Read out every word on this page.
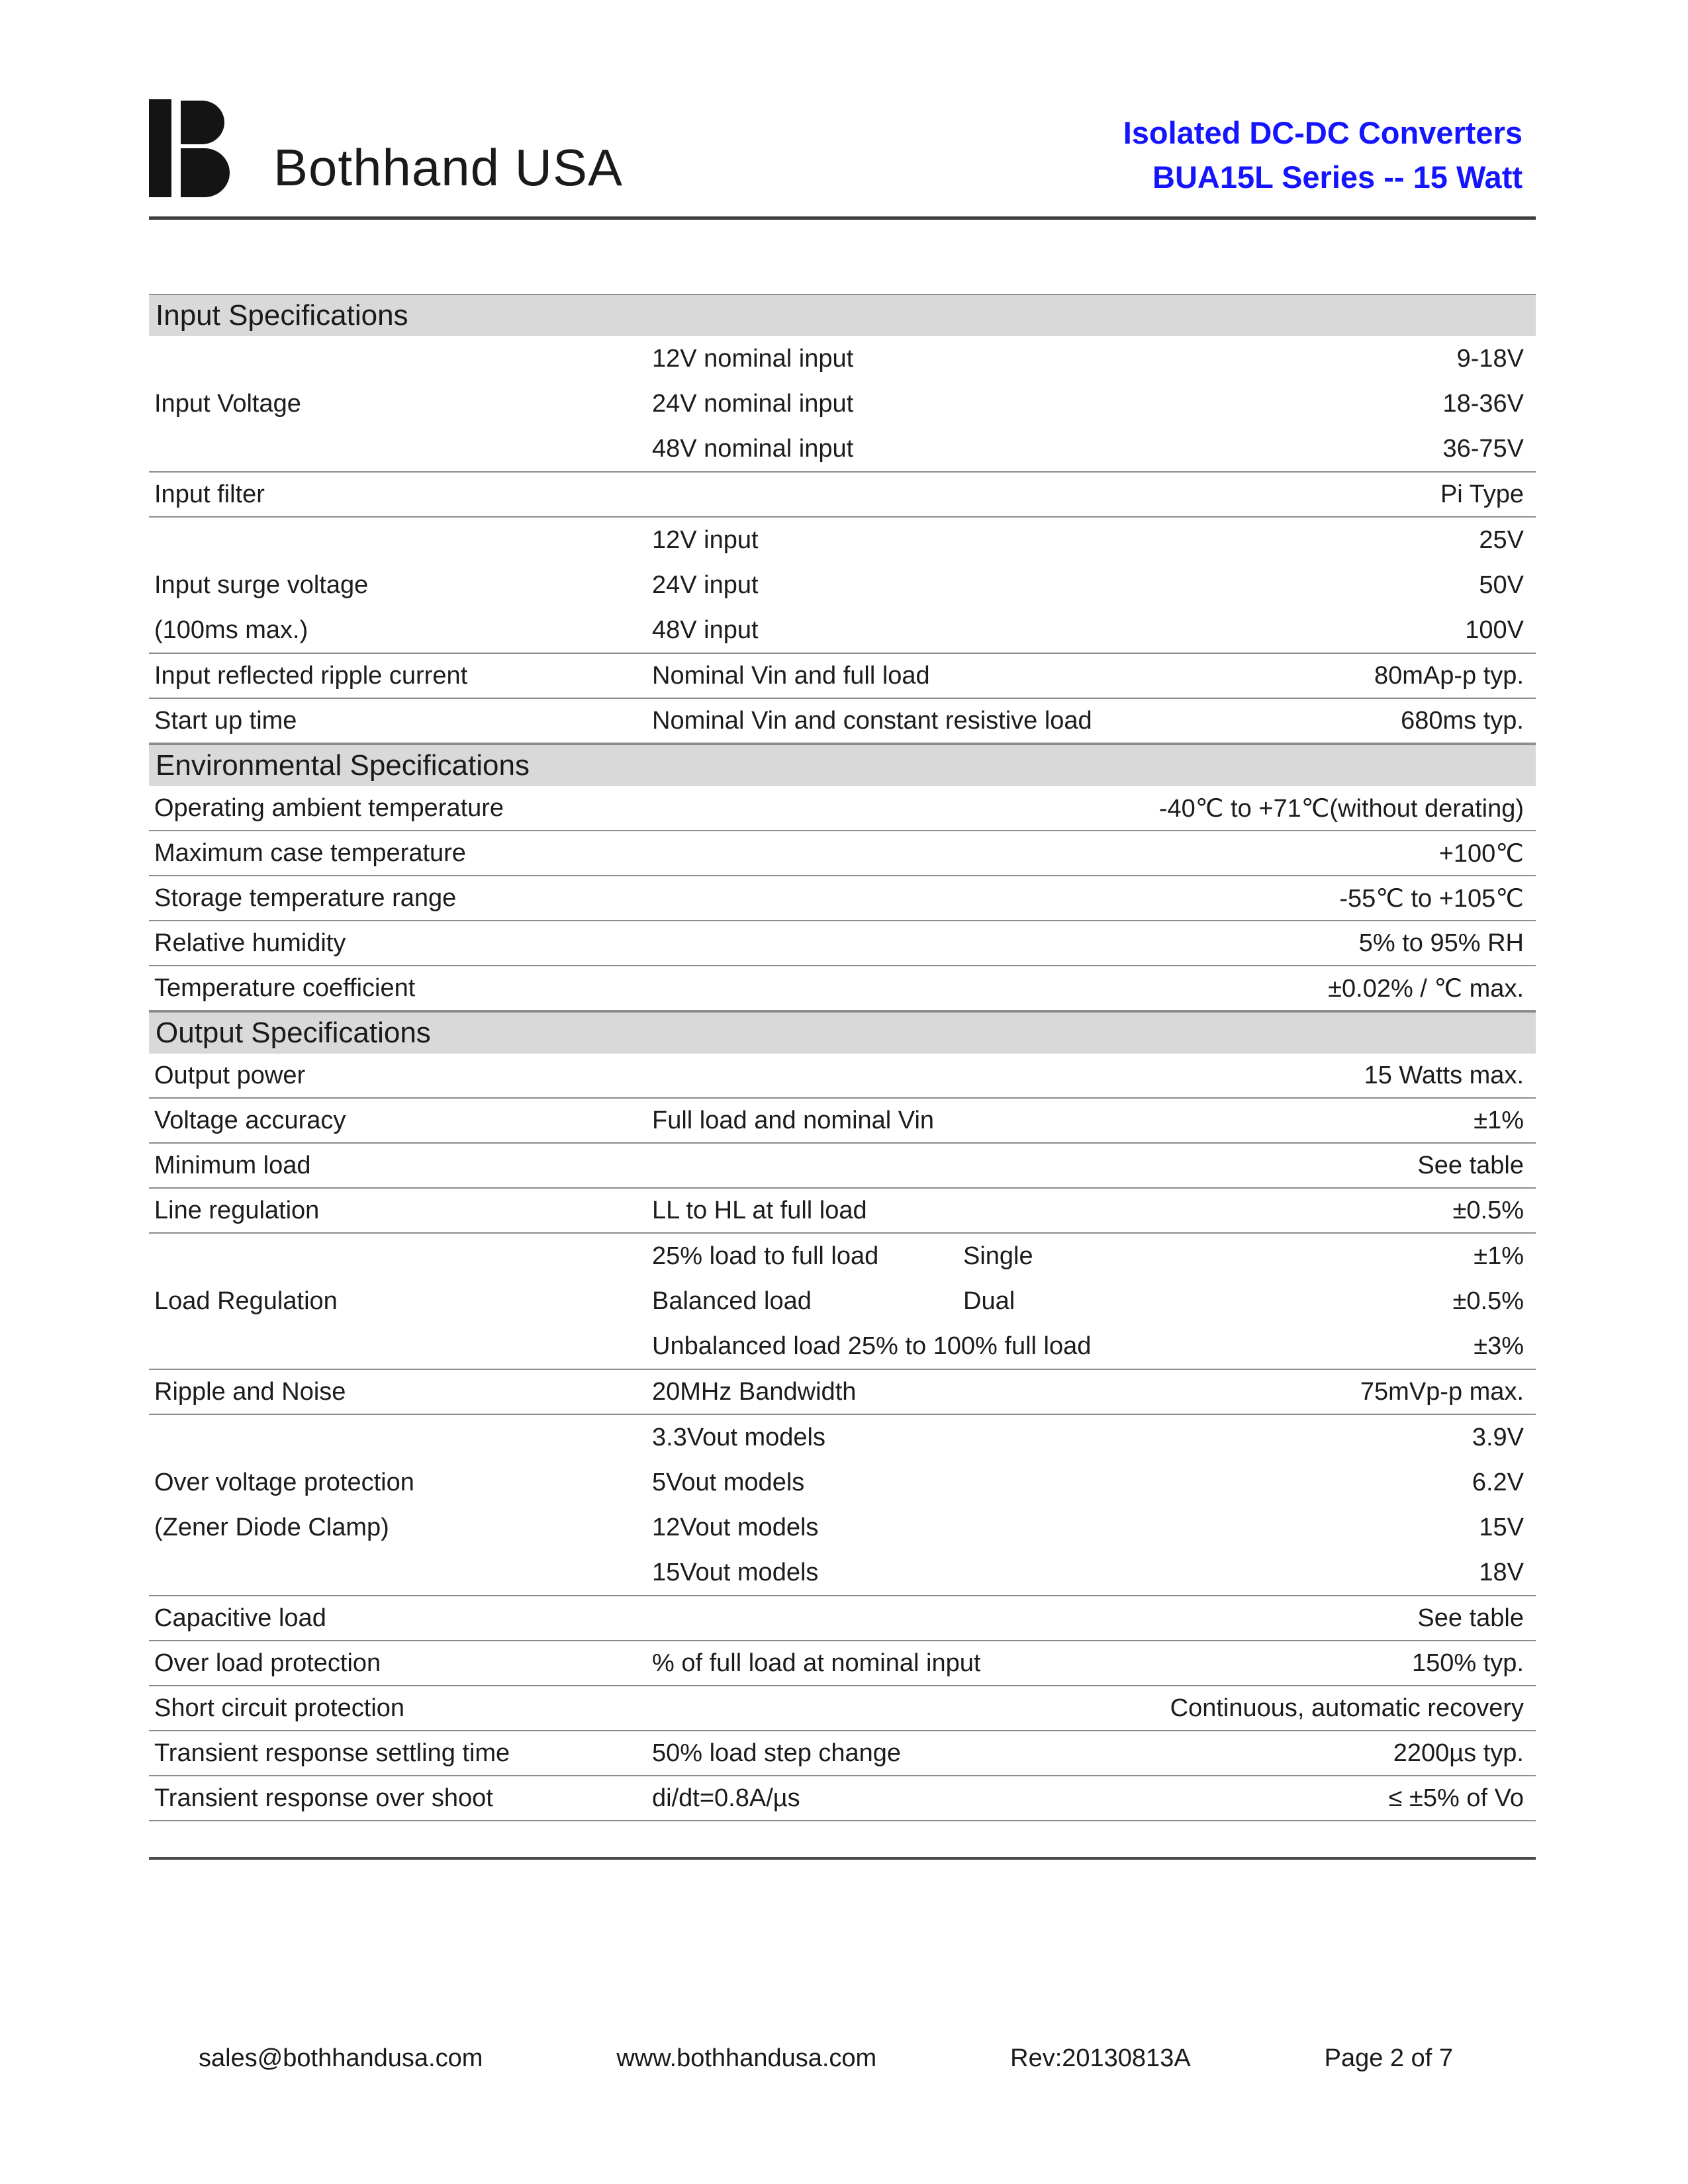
Bothhand USA
Isolated DC-DC Converters
BUA15L Series -- 15 Watt
Input Specifications
Input Voltage
12V nominal input	9-18V
24V nominal input	18-36V
48V nominal input	36-75V
Input filter	Pi Type
Input surge voltage
(100ms max.)
12V input	25V
24V input	50V
48V input	100V
Input reflected ripple current	Nominal Vin and full load	80mAp-p typ.
Start up time	Nominal Vin and constant resistive load	680ms typ.
Environmental Specifications
Operating ambient temperature	-40℃ to +71℃(without derating)
Maximum case temperature	+100℃
Storage temperature range	-55℃ to +105℃
Relative humidity	5% to 95% RH
Temperature coefficient	±0.02% / ℃ max.
Output Specifications
Output power	15 Watts max.
Voltage accuracy	Full load and nominal Vin	±1%
Minimum load	See table
Line regulation	LL to HL at full load	±0.5%
Load Regulation
25% load to full load	Single	±1%
Balanced load	Dual	±0.5%
Unbalanced load 25% to 100% full load	±3%
Ripple and Noise	20MHz Bandwidth	75mVp-p max.
Over voltage protection
(Zener Diode Clamp)
3.3Vout models	3.9V
5Vout models	6.2V
12Vout models	15V
15Vout models	18V
Capacitive load	See table
Over load protection	% of full load at nominal input	150% typ.
Short circuit protection	Continuous, automatic recovery
Transient response settling time	50% load step change	2200µs typ.
Transient response over shoot	di/dt=0.8A/µs	≤ ±5% of Vo
sales@bothhandusa.com	www.bothhandusa.com	Rev:20130813A	Page 2 of 7
